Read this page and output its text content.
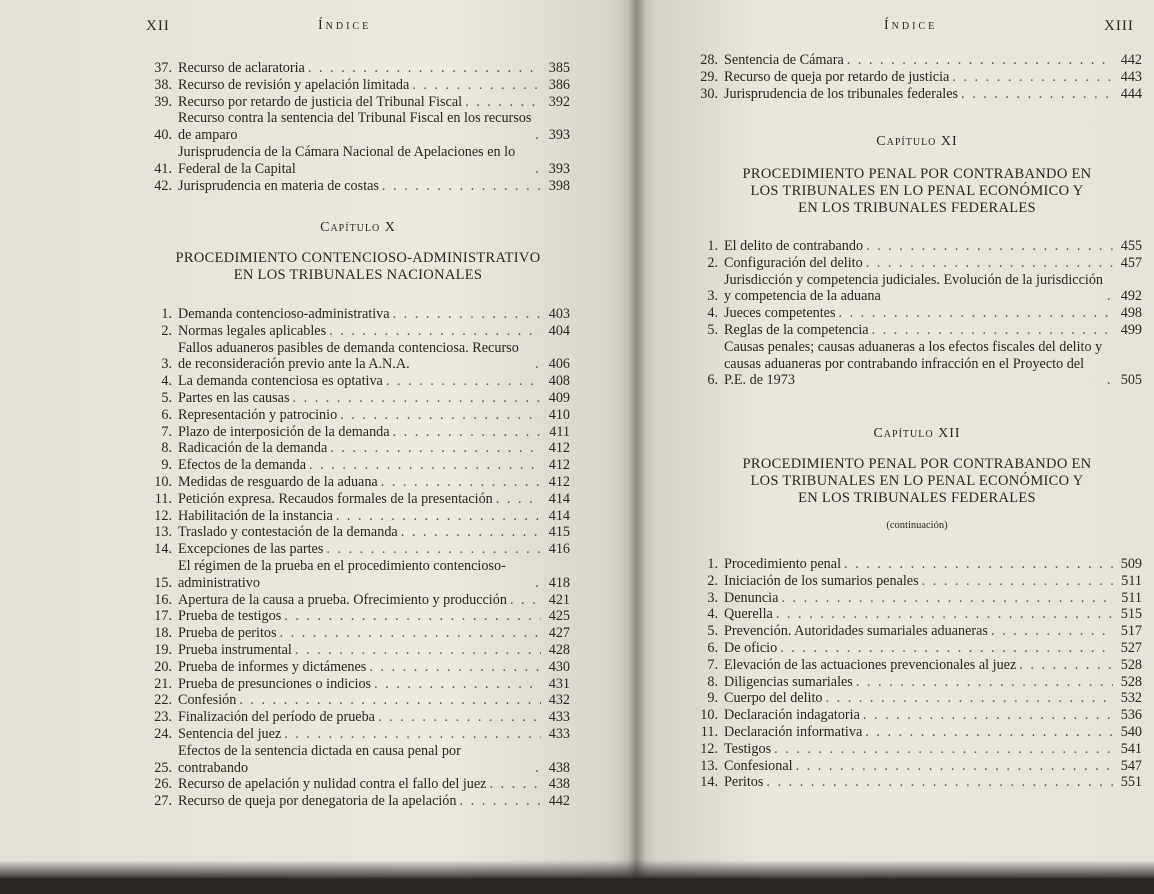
XII	Índice
37. Recurso de aclaratoria . . .	385
38. Recurso de revisión y apelación limitada . . .	386
39. Recurso por retardo de justicia del Tribunal Fiscal . . .	392
40.
Recurso contra la sentencia del Tribunal Fiscal en los recursos de amparo . . .	393
41.
Jurisprudencia de la Cámara Nacional de Apelaciones en lo Federal de la Capital . . .	393
42. Jurisprudencia en materia de costas . . .	398
Capítulo X
PROCEDIMIENTO CONTENCIOSO-ADMINISTRATIVO
EN LOS TRIBUNALES NACIONALES
1. Demanda contencioso-administrativa . . .	403
2. Normas legales aplicables . . .	404
3.
Fallos aduaneros pasibles de demanda contenciosa. Recurso de reconsideración previo ante la A.N.A. . . .	406
4. La demanda contenciosa es optativa . . .	408
5. Partes en las causas . . .	409
6. Representación y patrocinio . . .	410
7. Plazo de interposición de la demanda . . .	411
8. Radicación de la demanda . . .	412
9. Efectos de la demanda . . .	412
10. Medidas de resguardo de la aduana . . .	412
11. Petición expresa. Recaudos formales de la presentación . . .	414
12. Habilitación de la instancia . . .	414
13. Traslado y contestación de la demanda . . .	415
14. Excepciones de las partes . . .	416
15.
El régimen de la prueba en el procedimiento contencioso-administrativo . . .	418
16. Apertura de la causa a prueba. Ofrecimiento y producción . . .	421
17. Prueba de testigos . . .	425
18. Prueba de peritos . . .	427
19. Prueba instrumental . . .	428
20. Prueba de informes y dictámenes . . .	430
21. Prueba de presunciones o indicios . . .	431
22. Confesión . . .	432
23. Finalización del período de prueba . . .	433
24. Sentencia del juez . . .	433
25.
Efectos de la sentencia dictada en causa penal por contrabando . . .	438
26. Recurso de apelación y nulidad contra el fallo del juez . . .	438
27. Recurso de queja por denegatoria de la apelación . . .	442
Índice	XIII
28. Sentencia de Cámara . . .	442
29. Recurso de queja por retardo de justicia . . .	443
30. Jurisprudencia de los tribunales federales . . .	444
Capítulo XI
PROCEDIMIENTO PENAL POR CONTRABANDO EN
LOS TRIBUNALES EN LO PENAL ECONÓMICO Y
EN LOS TRIBUNALES FEDERALES
1. El delito de contrabando . . .	455
2. Configuración del delito . . .	457
3.
Jurisdicción y competencia judiciales. Evolución de la jurisdicción y competencia de la aduana . . .	492
4. Jueces competentes . . .	498
5. Reglas de la competencia . . .	499
6.
Causas penales; causas aduaneras a los efectos fiscales del delito y causas aduaneras por contrabando infracción en el Proyecto del P.E. de 1973 . . .	505
Capítulo XII
PROCEDIMIENTO PENAL POR CONTRABANDO EN
LOS TRIBUNALES EN LO PENAL ECONÓMICO Y
EN LOS TRIBUNALES FEDERALES
(continuación)
1. Procedimiento penal . . .	509
2. Iniciación de los sumarios penales . . .	511
3. Denuncia . . .	511
4. Querella . . .	515
5. Prevención. Autoridades sumariales aduaneras . . .	517
6. De oficio . . .	527
7. Elevación de las actuaciones prevencionales al juez . . .	528
8. Diligencias sumariales . . .	528
9. Cuerpo del delito . . .	532
10. Declaración indagatoria . . .	536
11. Declaración informativa . . .	540
12. Testigos . . .	541
13. Confesional . . .	547
14. Peritos . . .	551
